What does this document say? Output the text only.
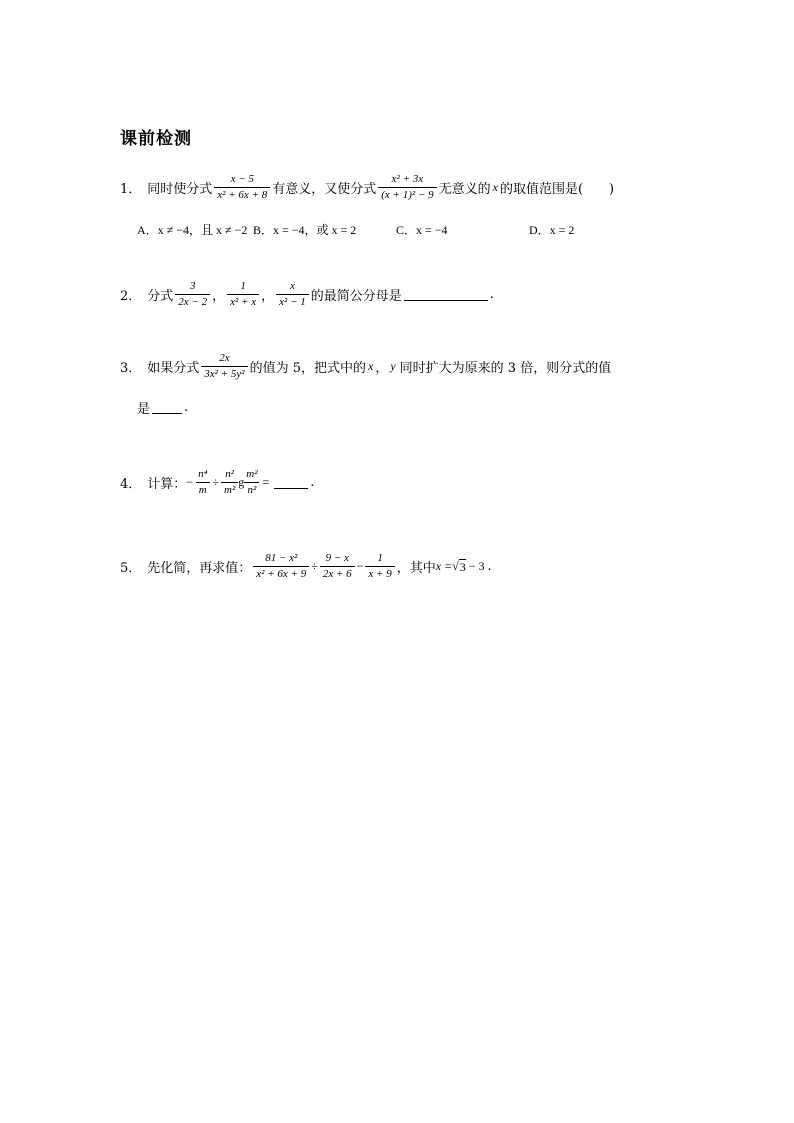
课前检测
1． 同时使分式 $\frac{x - 5}{\text{x² + 6x + 8}}$ 有意义，又使分式 $\frac{\text{x² + 3x}}{\text{(x + 1)² − 9}}$ 无意义的 x 的取值范围是(　　)
A．x ≠ −4，且 x ≠ −2 B．x = −4，或 x = 2	C．x = −4	D．x = 2
2． 分式 $\frac{3}{2x - 2}$ ， $\frac{1}{\text{x² + x}}$ ， $\frac{x}{\text{x² − 1}}$ 的最简公分母是	.
3． 如果分式 $\frac{2x}{\text{3x² + 5y²}}$ 的值为 5，把式中的 x ， y 同时扩大为原来的 3 倍，则分式的值
是	.
4． 计算： − $\frac{\text{n⁴}}{m} \div \frac{\text{n²}}{\text{m²}}$ g $\frac{\text{m²}}{\text{n²}}$ =	.
5． 先化简，再求值： $\frac{\text{81 − x²}}{\text{x² + 6x + 9}} \div \frac{9 - x}{2x + 6} - \frac{1}{x + 9}$ ，其中 x = √ 3 − 3 .
